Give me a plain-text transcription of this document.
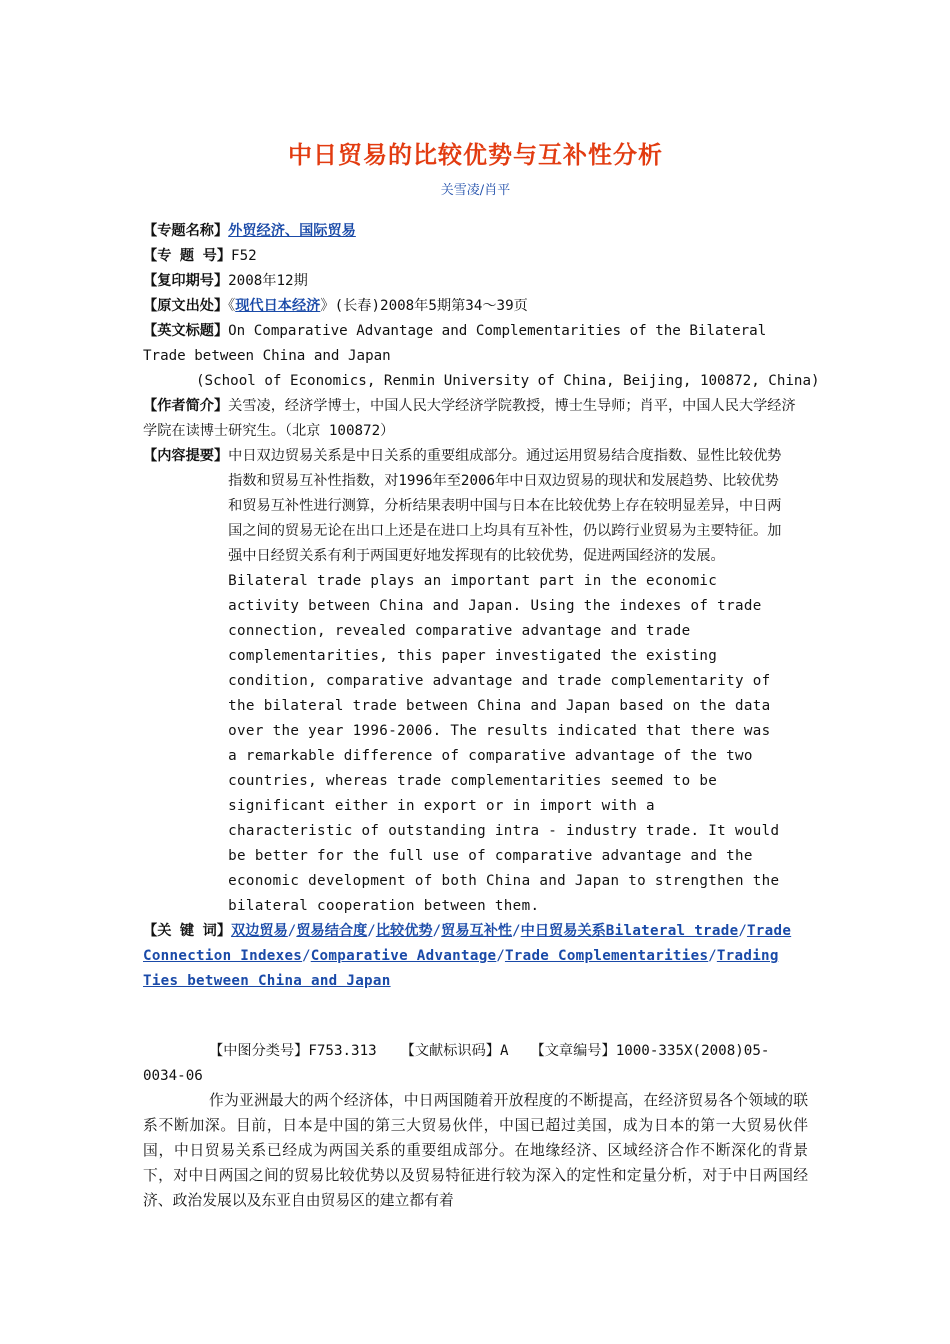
中日贸易的比较优势与互补性分析
关雪凌/肖平
【专题名称】外贸经济、国际贸易
【专 题 号】F52
【复印期号】2008年12期
【原文出处】《现代日本经济》(长春)2008年5期第34～39页
【英文标题】On Comparative Advantage and Complementarities of the Bilateral
Trade between China and Japan
(School of Economics, Renmin University of China, Beijing, 100872, China)
【作者简介】关雪凌，经济学博士，中国人民大学经济学院教授，博士生导师；肖平，中国人民大学经济学院在读博士研究生。（北京 100872）
【内容提要】 中日双边贸易关系是中日关系的重要组成部分。通过运用贸易结合度指数、显性比较优势指数和贸易互补性指数，对1996年至2006年中日双边贸易的现状和发展趋势、比较优势和贸易互补性进行测算，分析结果表明中国与日本在比较优势上存在较明显差异，中日两国之间的贸易无论在出口上还是在进口上均具有互补性，仍以跨行业贸易为主要特征。加强中日经贸关系有利于两国更好地发挥现有的比较优势，促进两国经济的发展。

Bilateral trade plays an important part in the economic activity between China and Japan. Using the indexes of trade connection, revealed comparative advantage and trade complementarities, this paper investigated the existing condition, comparative advantage and trade complementarity of the bilateral trade between China and Japan based on the data over the year 1996-2006. The results indicated that there was a remarkable difference of comparative advantage of the two countries, whereas trade complementarities seemed to be significant either in export or in import with a characteristic of outstanding intra - industry trade. It would be better for the full use of comparative advantage and the economic development of both China and Japan to strengthen the bilateral cooperation between them.

【关 键 词】双边贸易/贸易结合度/比较优势/贸易互补性/中日贸易关系Bilateral trade/Trade Connection Indexes/Comparative Advantage/Trade Complementarities/Trading Ties between China and Japan
【中图分类号】F753.313 【文献标识码】A 【文章编号】1000-335X(2008)05-0034-06

作为亚洲最大的两个经济体，中日两国随着开放程度的不断提高，在经济贸易各个领域的联系不断加深。目前，日本是中国的第三大贸易伙伴，中国已超过美国，成为日本的第一大贸易伙伴国，中日贸易关系已经成为两国关系的重要组成部分。在地缘经济、区域经济合作不断深化的背景下，对中日两国之间的贸易比较优势以及贸易特征进行较为深入的定性和定量分析，对于中日两国经济、政治发展以及东亚自由贸易区的建立都有着
